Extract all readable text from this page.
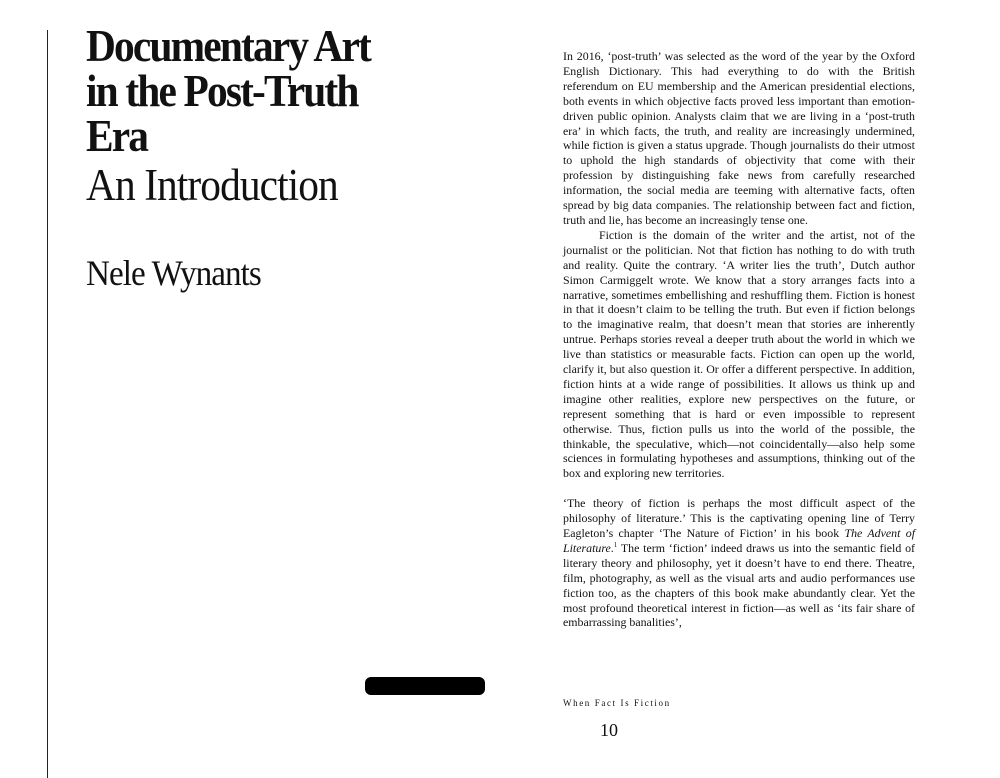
Documentary Art
in the Post-Truth
Era
An Introduction
Nele Wynants

In 2016, ‘post-truth’ was selected as the word of the year by the Oxford English Dictionary. This had everything to do with the British referendum on EU membership and the American presidential elections, both events in which objective facts proved less important than emotion-driven public opinion. Analysts claim that we are living in a ‘post-truth era’ in which facts, the truth, and reality are increasingly undermined, while fiction is given a status upgrade. Though journalists do their utmost to uphold the high standards of objectivity that come with their profession by distinguishing fake news from carefully researched information, the social media are teeming with alternative facts, often spread by big data companies. The relationship between fact and fiction, truth and lie, has become an increasingly tense one.

Fiction is the domain of the writer and the artist, not of the journalist or the politician. Not that fiction has nothing to do with truth and reality. Quite the contrary. ‘A writer lies the truth’, Dutch author Simon Carmiggelt wrote. We know that a story arranges facts into a narrative, sometimes embellishing and reshuffling them. Fiction is honest in that it doesn’t claim to be telling the truth. But even if fiction belongs to the imaginative realm, that doesn’t mean that stories are inherently untrue. Perhaps stories reveal a deeper truth about the world in which we live than statistics or measurable facts. Fiction can open up the world, clarify it, but also question it. Or offer a different perspective. In addition, fiction hints at a wide range of possibilities. It allows us think up and imagine other realities, explore new perspectives on the future, or represent something that is hard or even impossible to represent otherwise. Thus, fiction pulls us into the world of the possible, the thinkable, the speculative, which—not coincidentally—also help some sciences in formulating hypotheses and assumptions, thinking out of the box and exploring new territories.

‘The theory of fiction is perhaps the most difficult aspect of the philosophy of literature.’ This is the captivating opening line of Terry Eagleton’s chapter ‘The Nature of Fiction’ in his book The Advent of Literature.$^1$ The term ‘fiction’ indeed draws us into the semantic field of literary theory and philosophy, yet it doesn’t have to end there. Theatre, film, photography, as well as the visual arts and audio performances use fiction too, as the chapters of this book make abundantly clear. Yet the most profound theoretical interest in fiction—as well as ‘its fair share of embarrassing banalities’,

When Fact Is Fiction
10
